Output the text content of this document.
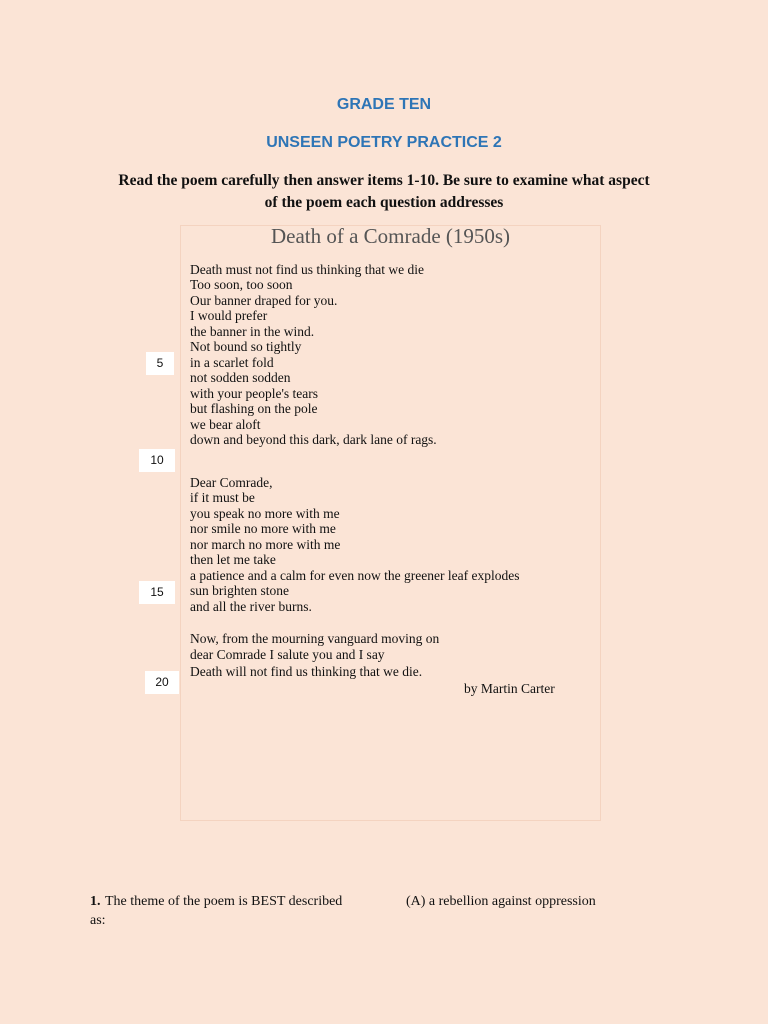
GRADE TEN
UNSEEN POETRY PRACTICE 2
Read the poem carefully then answer items 1-10. Be sure to examine what aspect
of the poem each question addresses
Death of a Comrade (1950s)
Death must not find us thinking that we die
Too soon, too soon
Our banner draped for you.
I would prefer
the banner in the wind.
Not bound so tightly
in a scarlet fold
not sodden sodden
with your people's tears
but flashing on the pole
we bear aloft
down and beyond this dark, dark lane of rags.
Dear Comrade,
if it must be
you speak no more with me
nor smile no more with me
nor march no more with me
then let me take
a patience and a calm for even now the greener leaf explodes
sun brighten stone
and all the river burns.
Now, from the mourning vanguard moving on
dear Comrade I salute you and I say
Death will not find us thinking that we die.
by Martin Carter
5
10
15
20
1. The theme of the poem is BEST described
as:
(A) a rebellion against oppression
